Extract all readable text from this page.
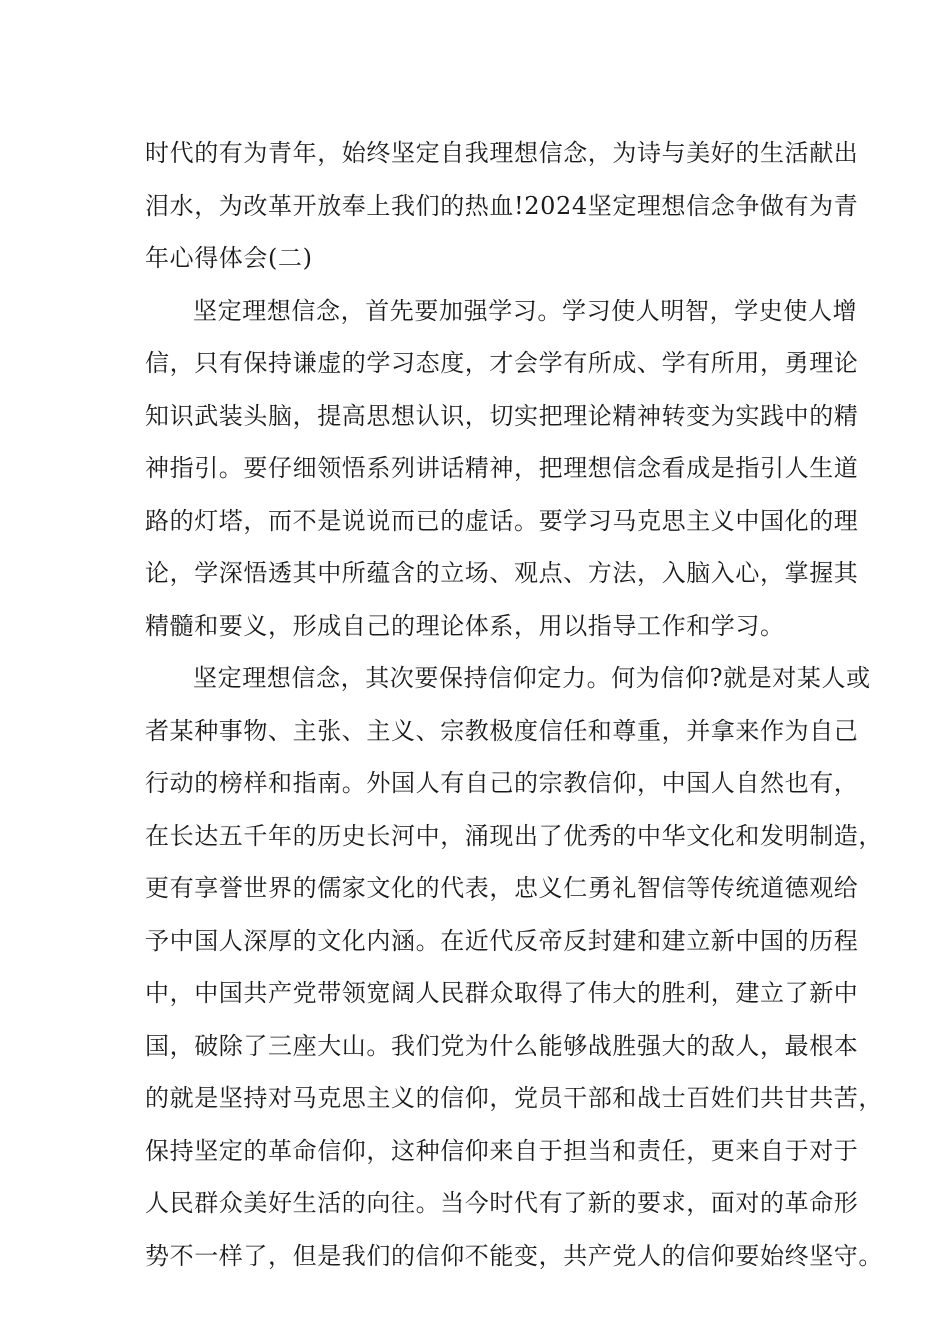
时代的有为青年，始终坚定自我理想信念，为诗与美好的生活献出
泪水，为改革开放奉上我们的热血!2024坚定理想信念争做有为青
年心得体会(二)
坚定理想信念，首先要加强学习。学习使人明智，学史使人增
信，只有保持谦虚的学习态度，才会学有所成、学有所用，勇理论
知识武装头脑，提高思想认识，切实把理论精神转变为实践中的精
神指引。要仔细领悟系列讲话精神，把理想信念看成是指引人生道
路的灯塔，而不是说说而已的虚话。要学习马克思主义中国化的理
论，学深悟透其中所蕴含的立场、观点、方法，入脑入心，掌握其
精髓和要义，形成自己的理论体系，用以指导工作和学习。
坚定理想信念，其次要保持信仰定力。何为信仰?就是对某人或
者某种事物、主张、主义、宗教极度信任和尊重，并拿来作为自己
行动的榜样和指南。外国人有自己的宗教信仰，中国人自然也有，
在长达五千年的历史长河中，涌现出了优秀的中华文化和发明制造，
更有享誉世界的儒家文化的代表，忠义仁勇礼智信等传统道德观给
予中国人深厚的文化内涵。在近代反帝反封建和建立新中国的历程
中，中国共产党带领宽阔人民群众取得了伟大的胜利，建立了新中
国，破除了三座大山。我们党为什么能够战胜强大的敌人，最根本
的就是坚持对马克思主义的信仰，党员干部和战士百姓们共甘共苦，
保持坚定的革命信仰，这种信仰来自于担当和责任，更来自于对于
人民群众美好生活的向往。当今时代有了新的要求，面对的革命形
势不一样了，但是我们的信仰不能变，共产党人的信仰要始终坚守。
